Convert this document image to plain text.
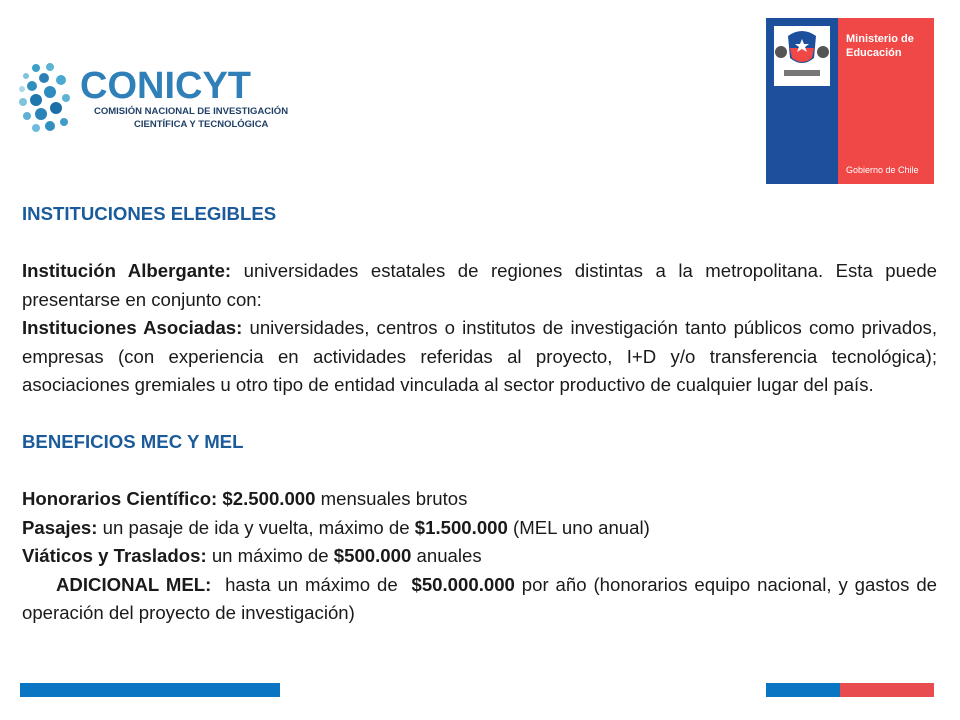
CONICYT
COMISIÓN NACIONAL DE INVESTIGACIÓN
CIENTÍFICA Y TECNOLÓGICA
Ministerio de
Educación
Gobierno de Chile
INSTITUCIONES ELEGIBLES
Institución Albergante: universidades estatales de regiones distintas a la metropolitana. Esta puede presentarse en conjunto con:
Instituciones Asociadas: universidades, centros o institutos de investigación tanto públicos como privados, empresas (con experiencia en actividades referidas al proyecto, I+D y/o transferencia tecnológica); asociaciones gremiales u otro tipo de entidad vinculada al sector productivo de cualquier lugar del país.
BENEFICIOS MEC Y MEL
Honorarios Científico: $2.500.000 mensuales brutos
Pasajes: un pasaje de ida y vuelta, máximo de $1.500.000 (MEL uno anual)
Viáticos y Traslados: un máximo de $500.000 anuales
ADICIONAL MEL:  hasta un máximo de  $50.000.000 por año (honorarios equipo nacional, y gastos de operación del proyecto de investigación)
